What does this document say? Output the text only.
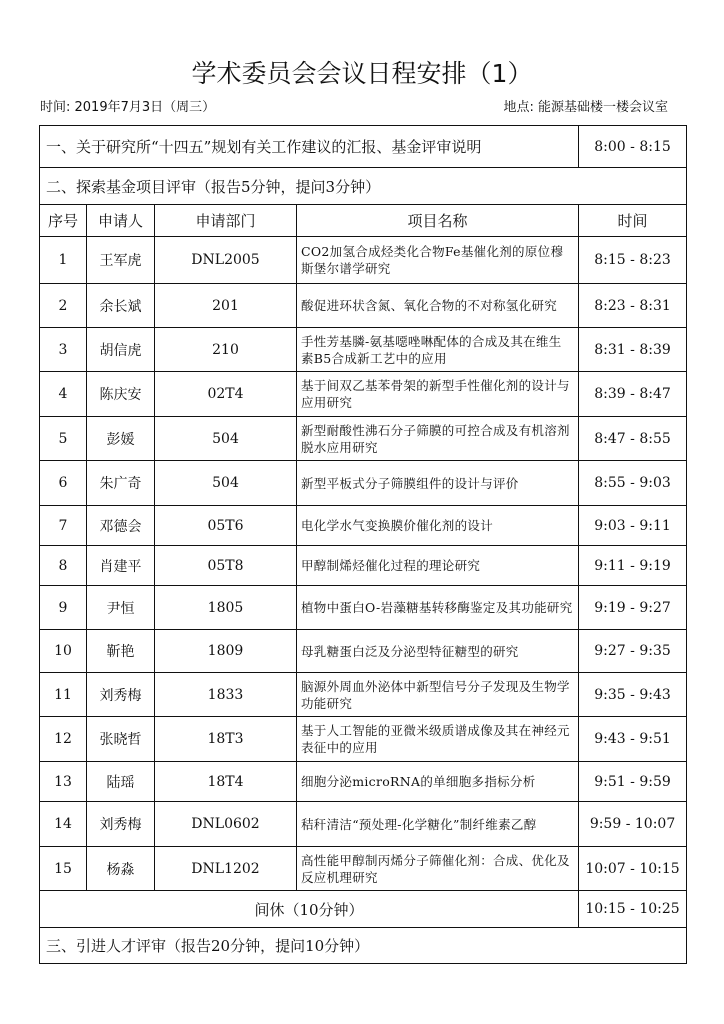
学术委员会会议日程安排（1）
时间: 2019年7月3日（周三）	地点: 能源基础楼一楼会议室
一、关于研究所“十四五”规划有关工作建议的汇报、基金评审说明				8:00 - 8:15
二、探索基金项目评审（报告5分钟，提问3分钟）				
序号	申请人	申请部门	项目名称	时间
1	王军虎	DNL2005	CO2加氢合成烃类化合物Fe基催化剂的原位穆斯堡尔谱学研究	8:15 - 8:23
2	余长斌	201	酸促进环状含氮、氧化合物的不对称氢化研究	8:23 - 8:31
3	胡信虎	210	手性芳基膦-氨基噁唑啉配体的合成及其在维生素B5合成新工艺中的应用	8:31 - 8:39
4	陈庆安	02T4	基于间双乙基苯骨架的新型手性催化剂的设计与应用研究	8:39 - 8:47
5	彭媛	504	新型耐酸性沸石分子筛膜的可控合成及有机溶剂脱水应用研究	8:47 - 8:55
6	朱广奇	504	新型平板式分子筛膜组件的设计与评价	8:55 - 9:03
7	邓德会	05T6	电化学水气变换膜价催化剂的设计	9:03 - 9:11
8	肖建平	05T8	甲醇制烯烃催化过程的理论研究	9:11 - 9:19
9	尹恒	1805	植物中蛋白O-岩藻糖基转移酶鉴定及其功能研究	9:19 - 9:27
10	靳艳	1809	母乳糖蛋白泛及分泌型特征糖型的研究	9:27 - 9:35
11	刘秀梅	1833	脑源外周血外泌体中新型信号分子发现及生物学功能研究	9:35 - 9:43
12	张晓哲	18T3	基于人工智能的亚微米级质谱成像及其在神经元表征中的应用	9:43 - 9:51
13	陆瑶	18T4	细胞分泌microRNA的单细胞多指标分析	9:51 - 9:59
14	刘秀梅	DNL0602	秸秆清洁“预处理-化学糖化”制纤维素乙醇	9:59 - 10:07
15	杨淼	DNL1202	高性能甲醇制丙烯分子筛催化剂：合成、优化及反应机理研究	10:07 - 10:15
间休（10分钟）				10:15 - 10:25
三、引进人才评审（报告20分钟，提问10分钟）				
